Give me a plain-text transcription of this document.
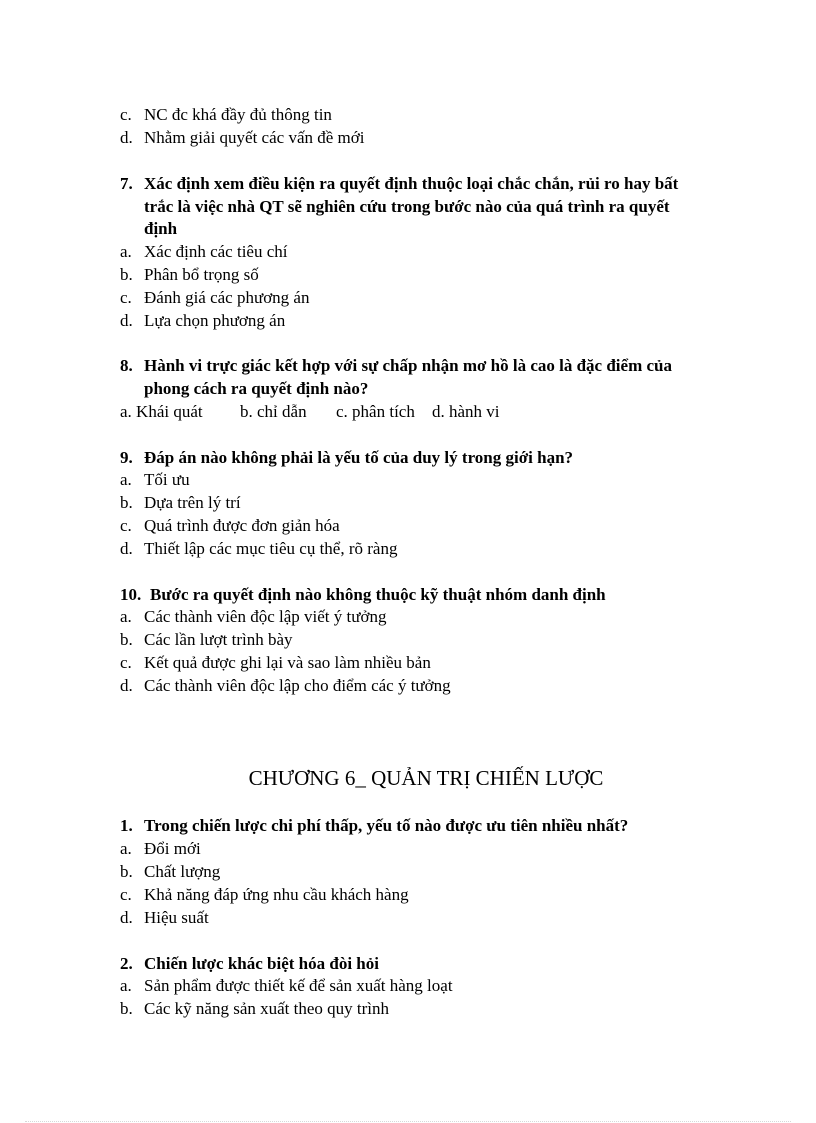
c. NC đc khá đầy đủ thông tin
d. Nhằm giải quyết các vấn đề mới
7. Xác định xem điều kiện ra quyết định thuộc loại chắc chắn, rủi ro hay bất
trắc là việc nhà QT sẽ nghiên cứu trong bước nào của quá trình ra quyết
định
a. Xác định các tiêu chí
b. Phân bổ trọng số
c. Đánh giá các phương án
d. Lựa chọn phương án
8. Hành vi trực giác kết hợp với sự chấp nhận mơ hồ là cao là đặc điểm của
phong cách ra quyết định nào?
a. Khái quát b. chỉ dẫn c. phân tích d. hành vi
9. Đáp án nào không phải là yếu tố của duy lý trong giới hạn?
a. Tối ưu
b. Dựa trên lý trí
c. Quá trình được đơn giản hóa
d. Thiết lập các mục tiêu cụ thể, rõ ràng
10. Bước ra quyết định nào không thuộc kỹ thuật nhóm danh định
a. Các thành viên độc lập viết ý tưởng
b. Các lần lượt trình bày
c. Kết quả được ghi lại và sao làm nhiều bản
d. Các thành viên độc lập cho điểm các ý tưởng
CHƯƠNG 6_ QUẢN TRỊ CHIẾN LƯỢC
1. Trong chiến lược chi phí thấp, yếu tố nào được ưu tiên nhiều nhất?
a. Đổi mới
b. Chất lượng
c. Khả năng đáp ứng nhu cầu khách hàng
d. Hiệu suất
2. Chiến lược khác biệt hóa đòi hỏi
a. Sản phẩm được thiết kế để sản xuất hàng loạt
b. Các kỹ năng sản xuất theo quy trình
